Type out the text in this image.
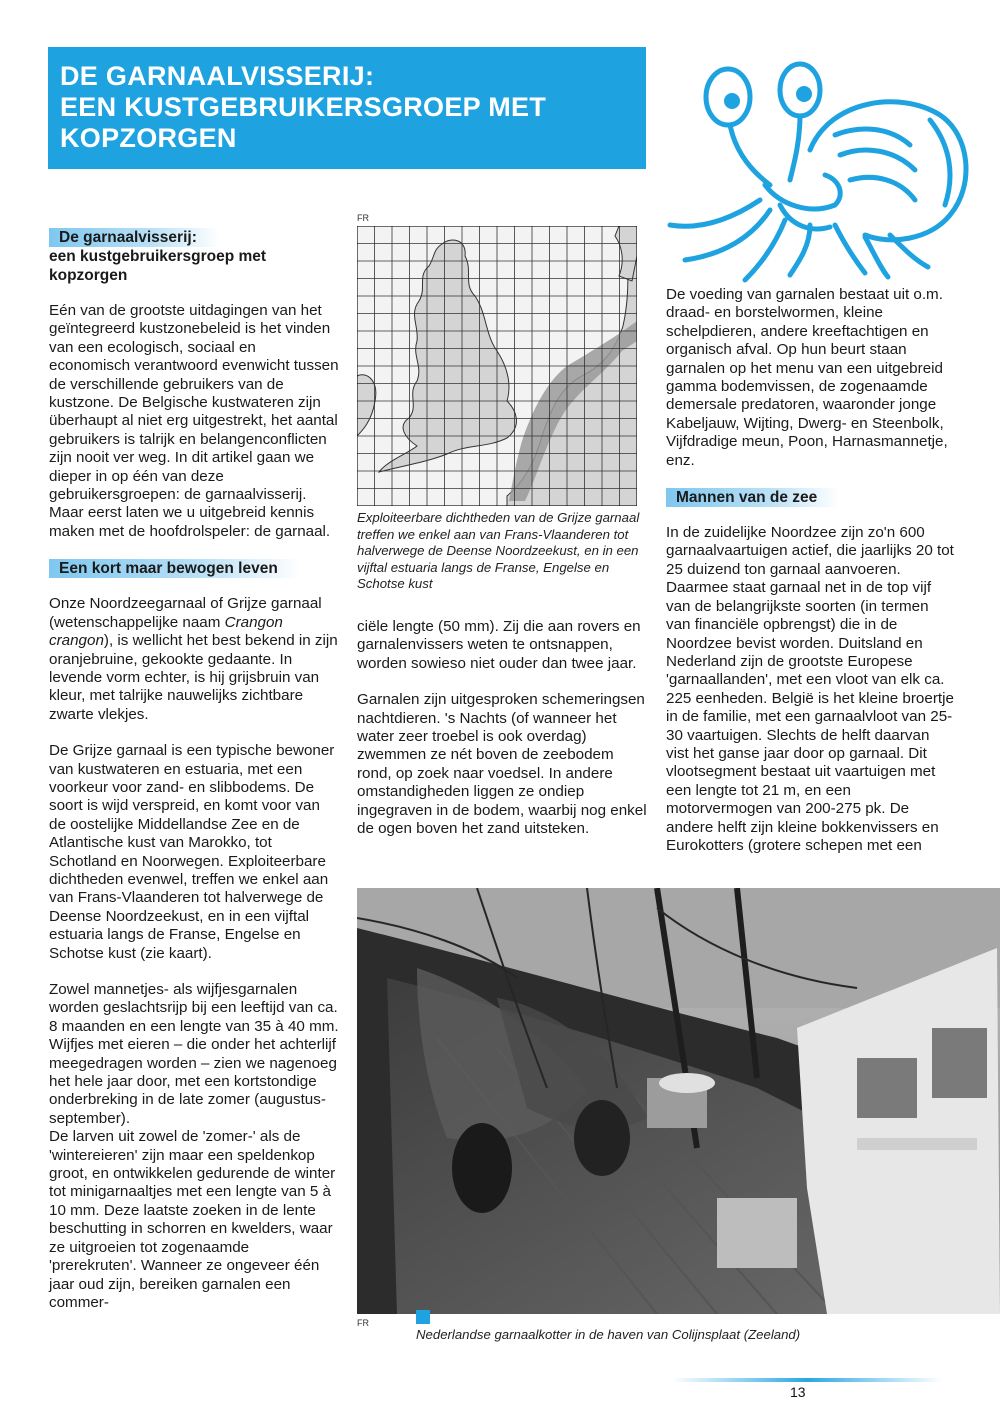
DE GARNAALVISSERIJ:
EEN KUSTGEBRUIKERSGROEP MET
KOPZORGEN
De garnaalvisserij:
een kustgebruikersgroep met
kopzorgen

Eén van de grootste uitdagingen van het geïntegreerd kustzonebeleid is het vinden van een ecologisch, sociaal en economisch verantwoord evenwicht tussen de verschillende gebruikers van de kustzone. De Belgische kustwateren zijn überhaupt al niet erg uitgestrekt, het aantal gebruikers is talrijk en belangenconflicten zijn nooit ver weg. In dit artikel gaan we dieper in op één van deze gebruikersgroepen: de garnaalvisserij. Maar eerst laten we u uitgebreid kennis maken met de hoofdrolspeler: de garnaal.

Een kort maar bewogen leven

Onze Noordzeegarnaal of Grijze garnaal (wetenschappelijke naam Crangon crangon), is wellicht het best bekend in zijn oranjebruine, gekookte gedaante. In levende vorm echter, is hij grijsbruin van kleur, met talrijke nauwelijks zichtbare zwarte vlekjes.

De Grijze garnaal is een typische bewoner van kustwateren en estuaria, met een voorkeur voor zand- en slibbodems. De soort is wijd verspreid, en komt voor van de oostelijke Middellandse Zee en de Atlantische kust van Marokko, tot Schotland en Noorwegen. Exploiteerbare dichtheden evenwel, treffen we enkel aan van Frans-Vlaanderen tot halverwege de Deense Noordzeekust, en in een vijftal estuaria langs de Franse, Engelse en Schotse kust (zie kaart).

Zowel mannetjes- als wijfjesgarnalen worden geslachtsrijp bij een leeftijd van ca. 8 maanden en een lengte van 35 à 40 mm. Wijfjes met eieren – die onder het achterlijf meegedragen worden – zien we nagenoeg het hele jaar door, met een kortstondige onderbreking in de late zomer (augustus-september).

De larven uit zowel de 'zomer-' als de 'wintereieren' zijn maar een speldenkop groot, en ontwikkelen gedurende de winter tot minigarnaaltjes met een lengte van 5 à 10 mm. Deze laatste zoeken in de lente beschutting in schorren en kwelders, waar ze uitgroeien tot zogenaamde 'prerekruten'. Wanneer ze ongeveer één jaar oud zijn, bereiken garnalen een commer-

FR
Exploiteerbare dichtheden van de Grijze garnaal treffen we enkel aan van Frans-Vlaanderen tot halverwege de Deense Noordzeekust, en in een vijftal estuaria langs de Franse, Engelse en Schotse kust

ciële lengte (50 mm). Zij die aan rovers en garnalenvissers weten te ontsnappen, worden sowieso niet ouder dan twee jaar.

Garnalen zijn uitgesproken schemeringsen nachtdieren. 's Nachts (of wanneer het water zeer troebel is ook overdag) zwemmen ze nét boven de zeebodem rond, op zoek naar voedsel. In andere omstandigheden liggen ze ondiep ingegraven in de bodem, waarbij nog enkel de ogen boven het zand uitsteken.

De voeding van garnalen bestaat uit o.m. draad- en borstelwormen, kleine schelpdieren, andere kreeftachtigen en organisch afval. Op hun beurt staan garnalen op het menu van een uitgebreid gamma bodemvissen, de zogenaamde demersale predatoren, waaronder jonge Kabeljauw, Wijting, Dwerg- en Steenbolk, Vijfdradige meun, Poon, Harnasmannetje, enz.

Mannen van de zee

In de zuidelijke Noordzee zijn zo'n 600 garnaalvaartuigen actief, die jaarlijks 20 tot 25 duizend ton garnaal aanvoeren. Daarmee staat garnaal net in de top vijf van de belangrijkste soorten (in termen van financiële opbrengst) die in de Noordzee bevist worden. Duitsland en Nederland zijn de grootste Europese 'garnaallanden', met een vloot van elk ca. 225 eenheden. België is het kleine broertje in de familie, met een garnaalvloot van 25-30 vaartuigen. Slechts de helft daarvan vist het ganse jaar door op garnaal. Dit vlootsegment bestaat uit vaartuigen met een lengte tot 21 m, en een motorvermogen van 200-275 pk. De andere helft zijn kleine bokkenvissers en Eurokotters (grotere schepen met een

FR
Nederlandse garnaalkotter in de haven van Colijnsplaat (Zeeland)
13
